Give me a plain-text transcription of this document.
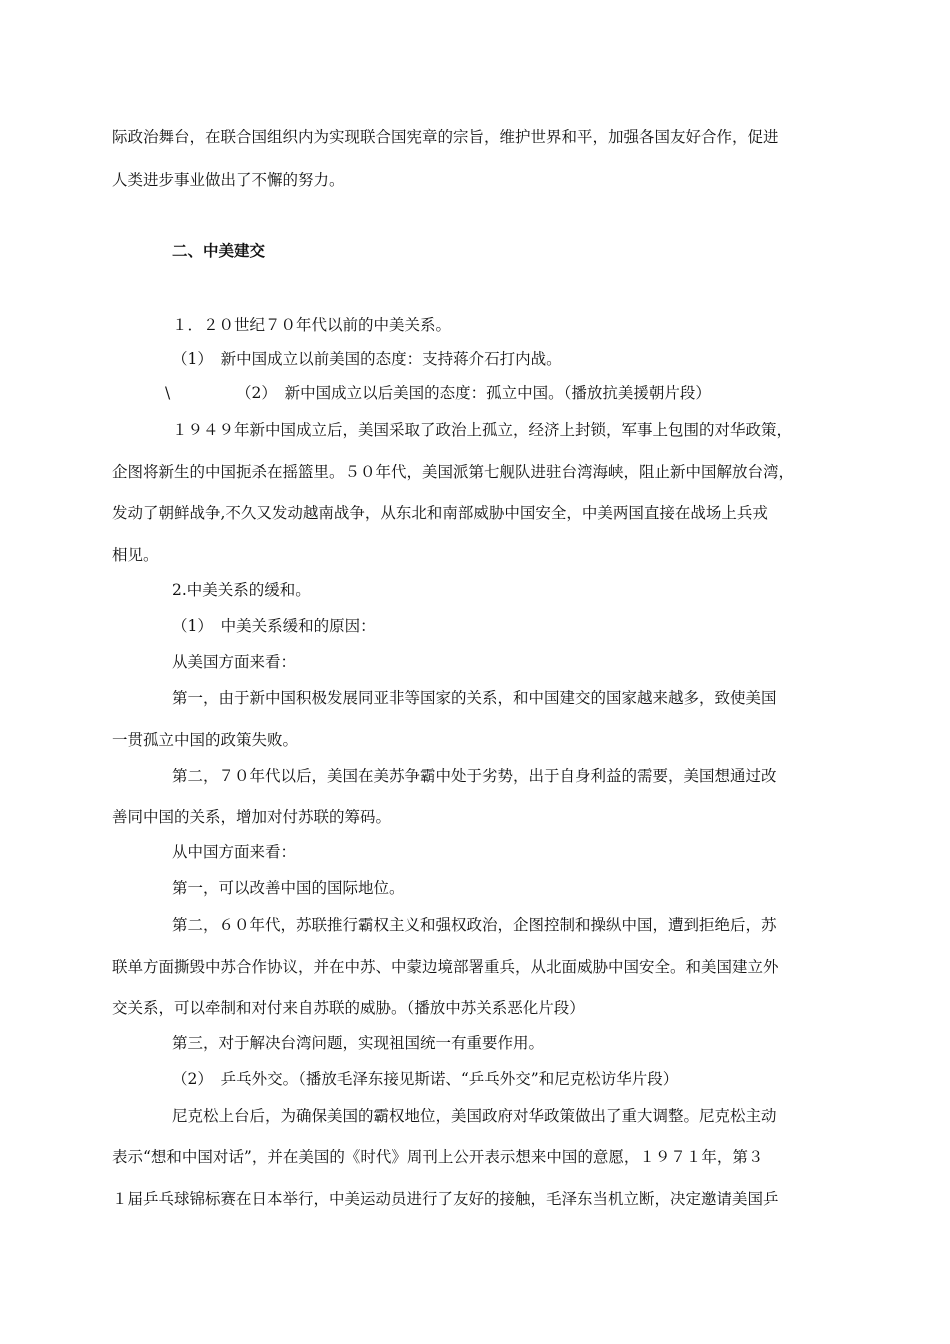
际政治舞台，在联合国组织内为实现联合国宪章的宗旨，维护世界和平，加强各国友好合作，促进
人类进步事业做出了不懈的努力。
二、中美建交
１．２０世纪７０年代以前的中美关系。
（1）　新中国成立以前美国的态度：支持蒋介石打内战。
\	（2）　新中国成立以后美国的态度：孤立中国。（播放抗美援朝片段）
１９４９年新中国成立后，美国采取了政治上孤立，经济上封锁，军事上包围的对华政策，
企图将新生的中国扼杀在摇篮里。５０年代，美国派第七舰队进驻台湾海峡，阻止新中国解放台湾，
发动了朝鲜战争,不久又发动越南战争，从东北和南部威胁中国安全，中美两国直接在战场上兵戎
相见。
2.中美关系的缓和。
（1）　中美关系缓和的原因：
从美国方面来看：
第一，由于新中国积极发展同亚非等国家的关系，和中国建交的国家越来越多，致使美国
一贯孤立中国的政策失败。
第二，７０年代以后，美国在美苏争霸中处于劣势，出于自身利益的需要，美国想通过改
善同中国的关系，增加对付苏联的筹码。
从中国方面来看：
第一，可以改善中国的国际地位。
第二，６０年代，苏联推行霸权主义和强权政治，企图控制和操纵中国，遭到拒绝后，苏
联单方面撕毁中苏合作协议，并在中苏、中蒙边境部署重兵，从北面威胁中国安全。和美国建立外
交关系，可以牵制和对付来自苏联的威胁。（播放中苏关系恶化片段）
第三，对于解决台湾问题，实现祖国统一有重要作用。
（2）　乒乓外交。（播放毛泽东接见斯诺、“乒乓外交”和尼克松访华片段）
尼克松上台后，为确保美国的霸权地位，美国政府对华政策做出了重大调整。尼克松主动
表示“想和中国对话”，并在美国的《时代》周刊上公开表示想来中国的意愿，１９７１年，第３
１届乒乓球锦标赛在日本举行，中美运动员进行了友好的接触，毛泽东当机立断，决定邀请美国乒
